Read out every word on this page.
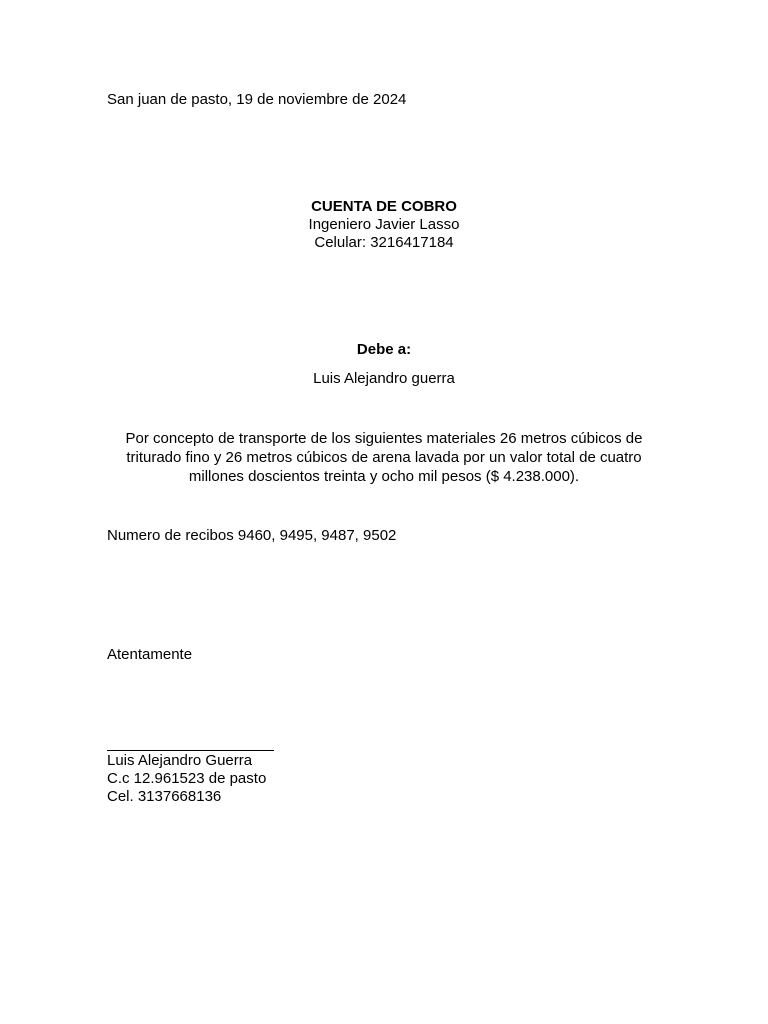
San juan de pasto, 19 de noviembre de 2024
CUENTA DE COBRO
Ingeniero Javier Lasso
Celular: 3216417184
Debe a:
Luis Alejandro guerra
Por concepto de transporte de los siguientes materiales 26 metros cúbicos de triturado fino y 26 metros cúbicos de arena lavada por un valor total de cuatro millones doscientos treinta y ocho mil pesos ($ 4.238.000).
Numero de recibos 9460, 9495, 9487, 9502
Atentamente
Luis Alejandro Guerra
C.c 12.961523 de pasto
Cel. 3137668136
